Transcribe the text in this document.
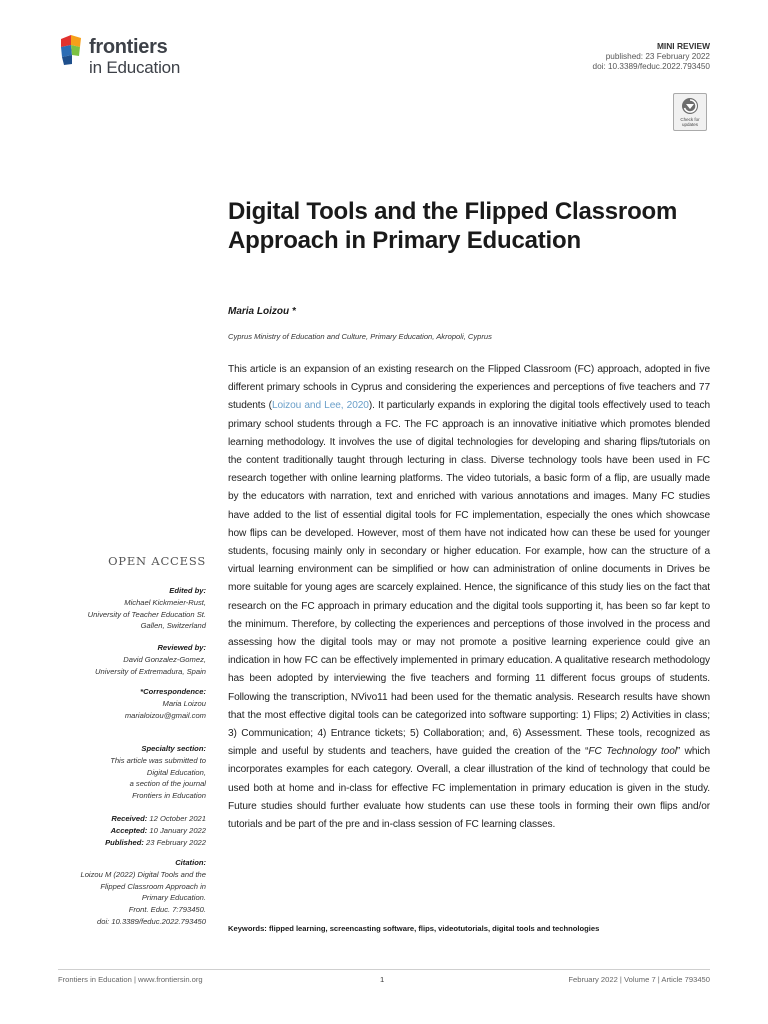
frontiers
in Education
MINI REVIEW
published: 23 February 2022
doi: 10.3389/feduc.2022.793450
Check for updates
Digital Tools and the Flipped Classroom Approach in Primary Education
Maria Loizou *
Cyprus Ministry of Education and Culture, Primary Education, Akropoli, Cyprus

This article is an expansion of an existing research on the Flipped Classroom (FC) approach, adopted in five different primary schools in Cyprus and considering the experiences and perceptions of five teachers and 77 students (Loizou and Lee, 2020). It particularly expands in exploring the digital tools effectively used to teach primary school students through a FC. The FC approach is an innovative initiative which promotes blended learning methodology. It involves the use of digital technologies for developing and sharing flips/tutorials on the content traditionally taught through lecturing in class. Diverse technology tools have been used in FC research together with online learning platforms. The video tutorials, a basic form of a flip, are usually made by the educators with narration, text and enriched with various annotations and images. Many FC studies have added to the list of essential digital tools for FC implementation, especially the ones which showcase how flips can be developed. However, most of them have not indicated how can these be used for younger students, focusing mainly only in secondary or higher education. For example, how can the structure of a virtual learning environment can be simplified or how can administration of online documents in Drives be more suitable for young ages are scarcely explained. Hence, the significance of this study lies on the fact that research on the FC approach in primary education and the digital tools supporting it, has been so far kept to the minimum. Therefore, by collecting the experiences and perceptions of those involved in the process and assessing how the digital tools may or may not promote a positive learning experience could give an indication in how FC can be effectively implemented in primary education. A qualitative research methodology has been adopted by interviewing the five teachers and forming 11 different focus groups of students. Following the transcription, NVivo11 had been used for the thematic analysis. Research results have shown that the most effective digital tools can be categorized into software supporting: 1) Flips; 2) Activities in class; 3) Communication; 4) Entrance tickets; 5) Collaboration; and, 6) Assessment. These tools, recognized as simple and useful by students and teachers, have guided the creation of the “FC Technology tool” which incorporates examples for each category. Overall, a clear illustration of the kind of technology that could be used both at home and in-class for effective FC implementation in primary education is given in the study. Future studies should further evaluate how students can use these tools in forming their own flips and/or tutorials and be part of the pre and in-class session of FC learning classes.

Keywords: flipped learning, screencasting software, flips, videotutorials, digital tools and technologies
OPEN ACCESS
Edited by:
Michael Kickmeier-Rust,
University of Teacher Education St.
Gallen, Switzerland
Reviewed by:
David Gonzalez-Gomez,
University of Extremadura, Spain
*Correspondence:
Maria Loizou
marialoizou@gmail.com
Specialty section:
This article was submitted to
Digital Education,
a section of the journal
Frontiers in Education
Received: 12 October 2021
Accepted: 10 January 2022
Published: 23 February 2022
Citation:
Loizou M (2022) Digital Tools and the
Flipped Classroom Approach in
Primary Education.
Front. Educ. 7:793450.
doi: 10.3389/feduc.2022.793450
Frontiers in Education | www.frontiersin.org	1	February 2022 | Volume 7 | Article 793450
